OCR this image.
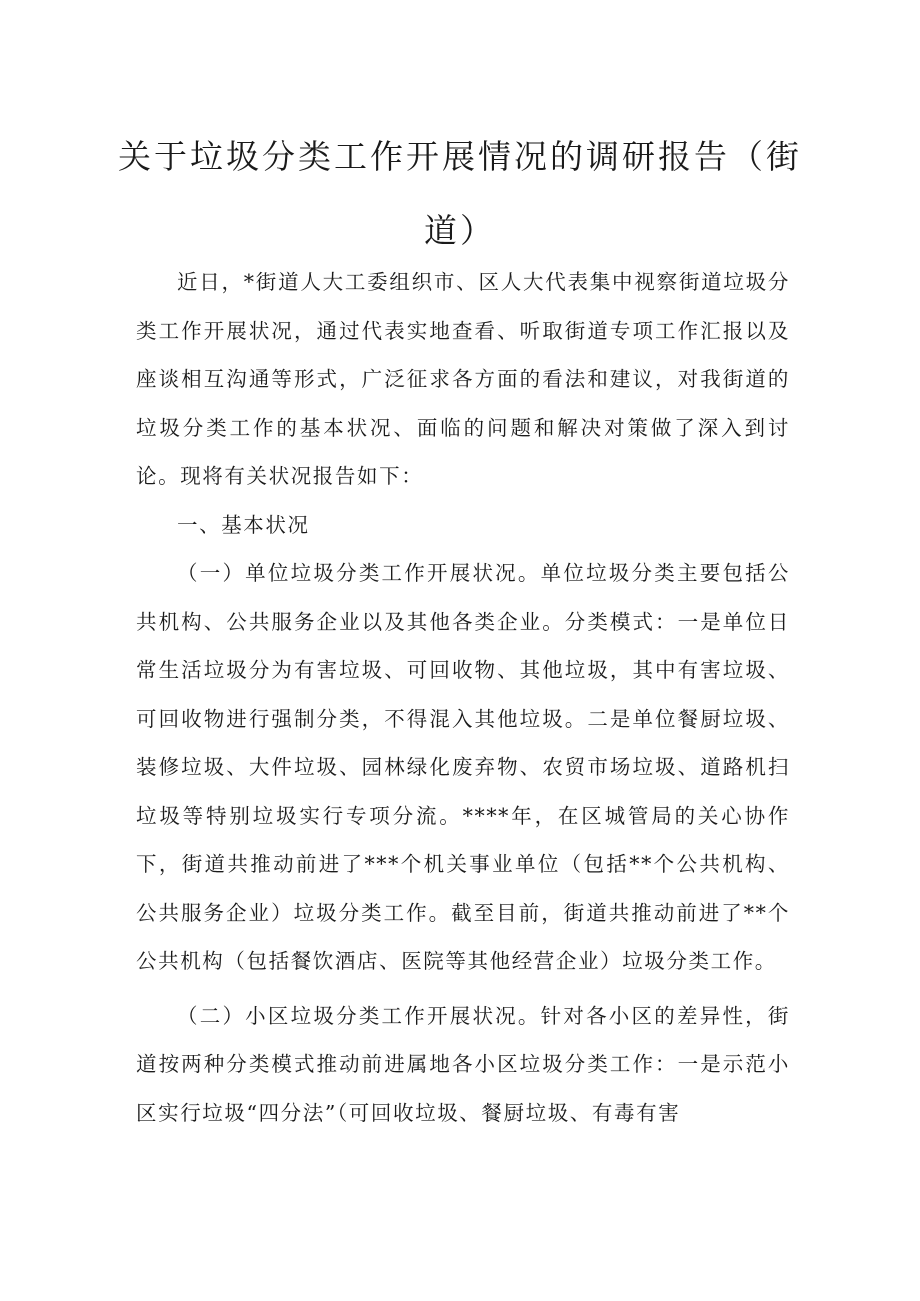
关于垃圾分类工作开展情况的调研报告（街
道）

近日，*街道人大工委组织市、区人大代表集中视察街道垃圾分类工作开展状况，通过代表实地查看、听取街道专项工作汇报以及座谈相互沟通等形式，广泛征求各方面的看法和建议，对我街道的垃圾分类工作的基本状况、面临的问题和解决对策做了深入到讨论。现将有关状况报告如下：

一、基本状况

（一）单位垃圾分类工作开展状况。单位垃圾分类主要包括公共机构、公共服务企业以及其他各类企业。分类模式：一是单位日常生活垃圾分为有害垃圾、可回收物、其他垃圾，其中有害垃圾、可回收物进行强制分类，不得混入其他垃圾。二是单位餐厨垃圾、装修垃圾、大件垃圾、园林绿化废弃物、农贸市场垃圾、道路机扫垃圾等特别垃圾实行专项分流。****年，在区城管局的关心协作下，街道共推动前进了***个机关事业单位（包括**个公共机构、公共服务企业）垃圾分类工作。截至目前，街道共推动前进了**个公共机构（包括餐饮酒店、医院等其他经营企业）垃圾分类工作。

（二）小区垃圾分类工作开展状况。针对各小区的差异性，街道按两种分类模式推动前进属地各小区垃圾分类工作：一是示范小区实行垃圾“四分法”（可回收垃圾、餐厨垃圾、有毒有害
